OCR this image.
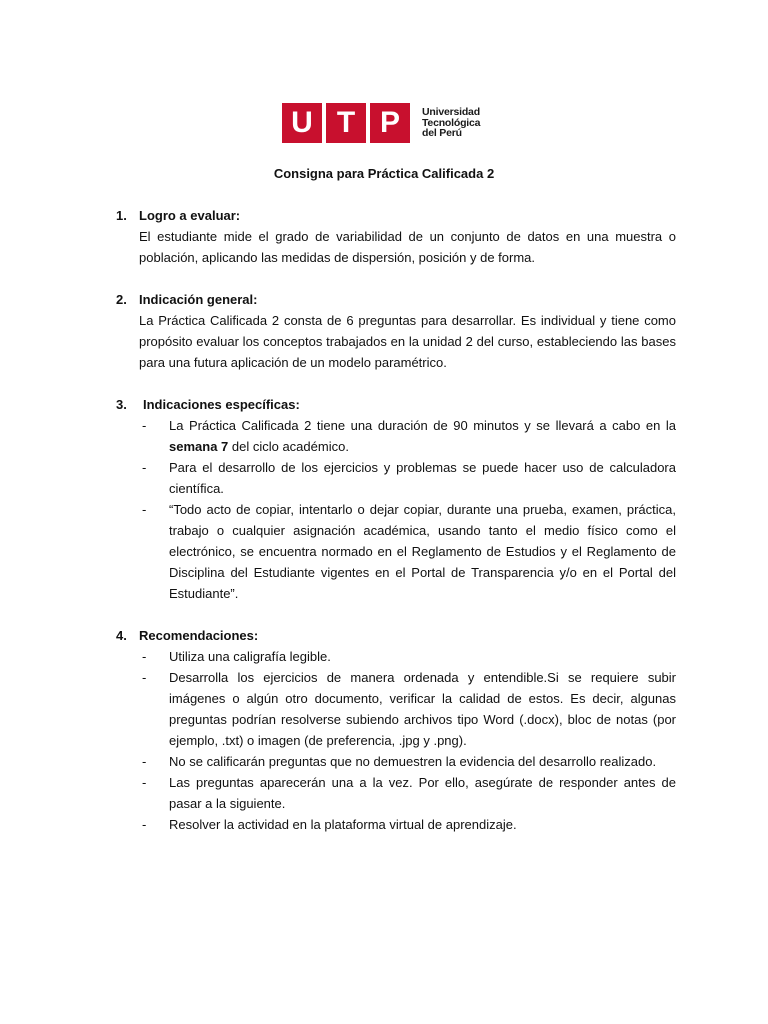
U T P	Universidad
Tecnológica
del Perú
Consigna para Práctica Calificada 2
1. Logro a evaluar:
El estudiante mide el grado de variabilidad de un conjunto de datos en una muestra o población, aplicando las medidas de dispersión, posición y de forma.
2. Indicación general:
La Práctica Calificada 2 consta de 6 preguntas para desarrollar. Es individual y tiene como propósito evaluar los conceptos trabajados en la unidad 2 del curso, estableciendo las bases para una futura aplicación de un modelo paramétrico.
3.	Indicaciones específicas:
-	La Práctica Calificada 2 tiene una duración de 90 minutos y se llevará a cabo en la semana 7 del ciclo académico.
-	Para el desarrollo de los ejercicios y problemas se puede hacer uso de calculadora científica.
-	“Todo acto de copiar, intentarlo o dejar copiar, durante una prueba, examen, práctica, trabajo o cualquier asignación académica, usando tanto el medio físico como el electrónico, se encuentra normado en el Reglamento de Estudios y el Reglamento de Disciplina del Estudiante vigentes en el Portal de Transparencia y/o en el Portal del Estudiante”.
4. Recomendaciones:
-	Utiliza una caligrafía legible.
-	Desarrolla los ejercicios de manera ordenada y entendible.Si se requiere subir imágenes o algún otro documento, verificar la calidad de estos. Es decir, algunas preguntas podrían resolverse subiendo archivos tipo Word (.docx), bloc de notas (por ejemplo, .txt) o imagen (de preferencia, .jpg y .png).
-	No se calificarán preguntas que no demuestren la evidencia del desarrollo realizado.
-	Las preguntas aparecerán una a la vez. Por ello, asegúrate de responder antes de pasar a la siguiente.
-	Resolver la actividad en la plataforma virtual de aprendizaje.
